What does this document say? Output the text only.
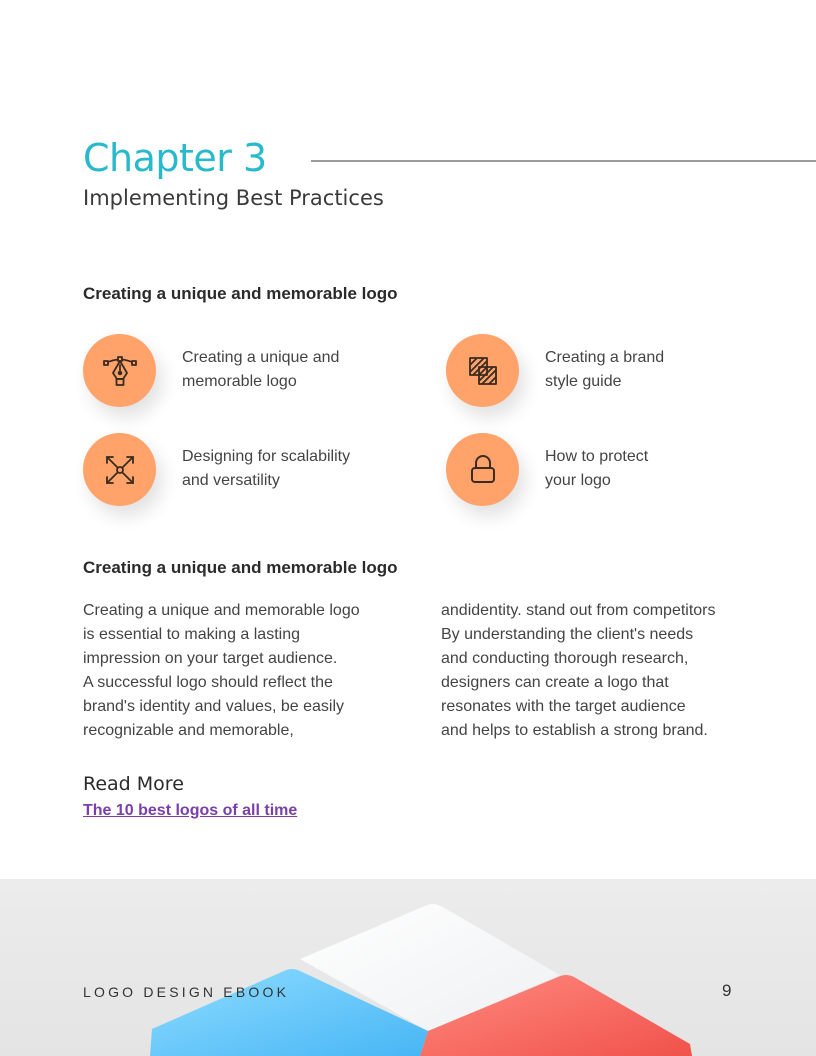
Chapter 3
Implementing Best Practices
Creating a unique and memorable logo
Creating a unique and
memorable logo
Creating a brand
style guide
Designing for scalability
and versatility
How to protect
your logo
Creating a unique and memorable logo

Creating a unique and memorable logo
is essential to making a lasting
impression on your target audience.
A successful logo should reflect the
brand's identity and values, be easily
recognizable and memorable,

andidentity. stand out from competitors
By understanding the client's needs
and conducting thorough research,
designers can create a logo that
resonates with the target audience
and helps to establish a strong brand.

Read More
The 10 best logos of all time
LOGO DESIGN EBOOK	9
